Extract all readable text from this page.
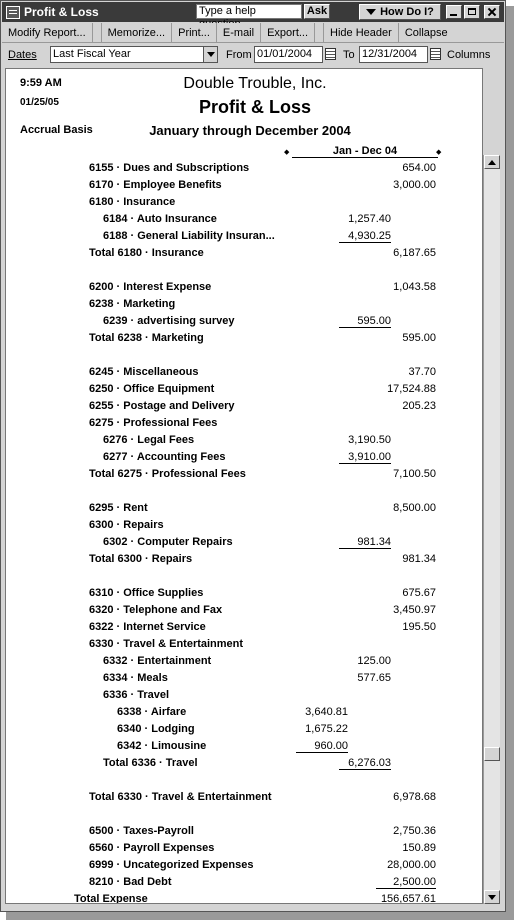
Profit & Loss	Type a help	Ask	How Do I?
Modify Report...	Memorize...	Print...	E-mail	Export...	Hide Header	Collapse
Dates Last Fiscal Year	From 01/01/2004	To 12/31/2004	Columns
9:59 AM
01/25/05
Accrual Basis
Double Trouble, Inc.
Profit & Loss
January through December 2004
◆	Jan - Dec 04	◆
6155 · Dues and Subscriptions	654.00
6170 · Employee Benefits	3,000.00
6180 · Insurance
6184 · Auto Insurance	1,257.40
6188 · General Liability Insuran...	4,930.25
Total 6180 · Insurance	6,187.65
6200 · Interest Expense	1,043.58
6238 · Marketing
6239 · advertising survey	595.00
Total 6238 · Marketing	595.00
6245 · Miscellaneous	37.70
6250 · Office Equipment	17,524.88
6255 · Postage and Delivery	205.23
6275 · Professional Fees
6276 · Legal Fees	3,190.50
6277 · Accounting Fees	3,910.00
Total 6275 · Professional Fees	7,100.50
6295 · Rent	8,500.00
6300 · Repairs
6302 · Computer Repairs	981.34
Total 6300 · Repairs	981.34
6310 · Office Supplies	675.67
6320 · Telephone and Fax	3,450.97
6322 · Internet Service	195.50
6330 · Travel & Entertainment
6332 · Entertainment	125.00
6334 · Meals	577.65
6336 · Travel
6338 · Airfare	3,640.81
6340 · Lodging	1,675.22
6342 · Limousine	960.00
Total 6336 · Travel	6,276.03
Total 6330 · Travel & Entertainment	6,978.68
6500 · Taxes-Payroll	2,750.36
6560 · Payroll Expenses	150.89
6999 · Uncategorized Expenses	28,000.00
8210 · Bad Debt	2,500.00
Total Expense	156,657.61
